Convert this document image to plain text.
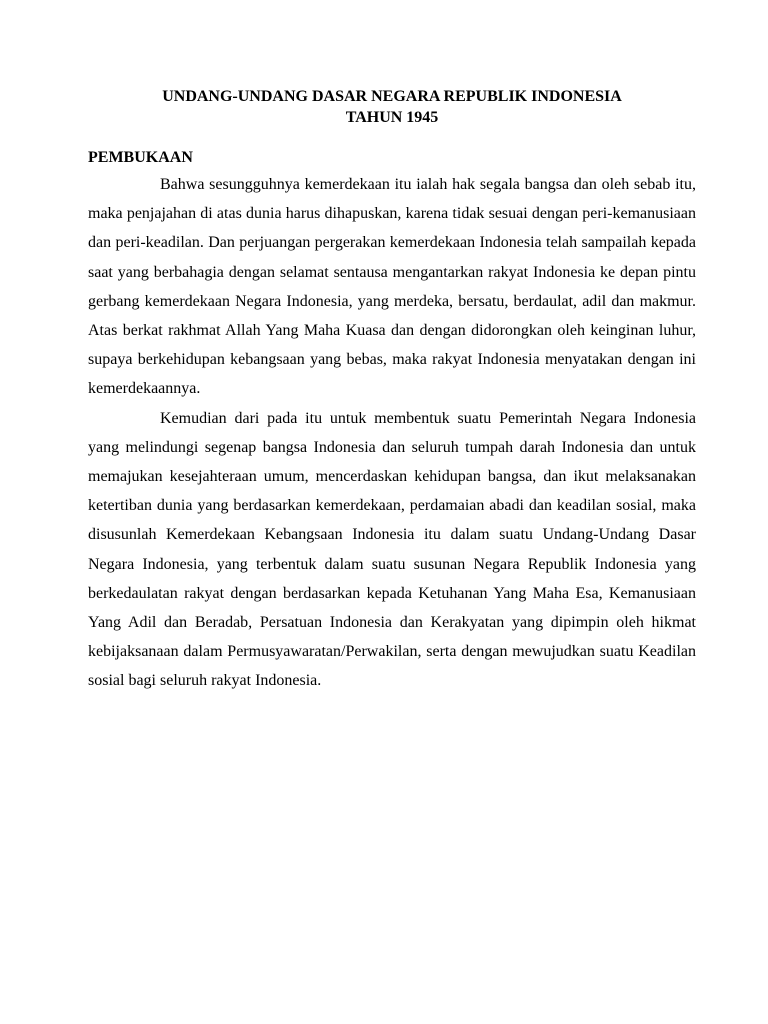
UNDANG-UNDANG DASAR NEGARA REPUBLIK INDONESIA
TAHUN 1945
PEMBUKAAN

Bahwa sesungguhnya kemerdekaan itu ialah hak segala bangsa dan oleh sebab itu, maka penjajahan di atas dunia harus dihapuskan, karena tidak sesuai dengan peri-kemanusiaan dan peri-keadilan. Dan perjuangan pergerakan kemerdekaan Indonesia telah sampailah kepada saat yang berbahagia dengan selamat sentausa mengantarkan rakyat Indonesia ke depan pintu gerbang kemerdekaan Negara Indonesia, yang merdeka, bersatu, berdaulat, adil dan makmur. Atas berkat rakhmat Allah Yang Maha Kuasa dan dengan didorongkan oleh keinginan luhur, supaya berkehidupan kebangsaan yang bebas, maka rakyat Indonesia menyatakan dengan ini kemerdekaannya.

Kemudian dari pada itu untuk membentuk suatu Pemerintah Negara Indonesia yang melindungi segenap bangsa Indonesia dan seluruh tumpah darah Indonesia dan untuk memajukan kesejahteraan umum, mencerdaskan kehidupan bangsa, dan ikut melaksanakan ketertiban dunia yang berdasarkan kemerdekaan, perdamaian abadi dan keadilan sosial, maka disusunlah Kemerdekaan Kebangsaan Indonesia itu dalam suatu Undang-Undang Dasar Negara Indonesia, yang terbentuk dalam suatu susunan Negara Republik Indonesia yang berkedaulatan rakyat dengan berdasarkan kepada Ketuhanan Yang Maha Esa, Kemanusiaan Yang Adil dan Beradab, Persatuan Indonesia dan Kerakyatan yang dipimpin oleh hikmat kebijaksanaan dalam Permusyawaratan/Perwakilan, serta dengan mewujudkan suatu Keadilan sosial bagi seluruh rakyat Indonesia.
